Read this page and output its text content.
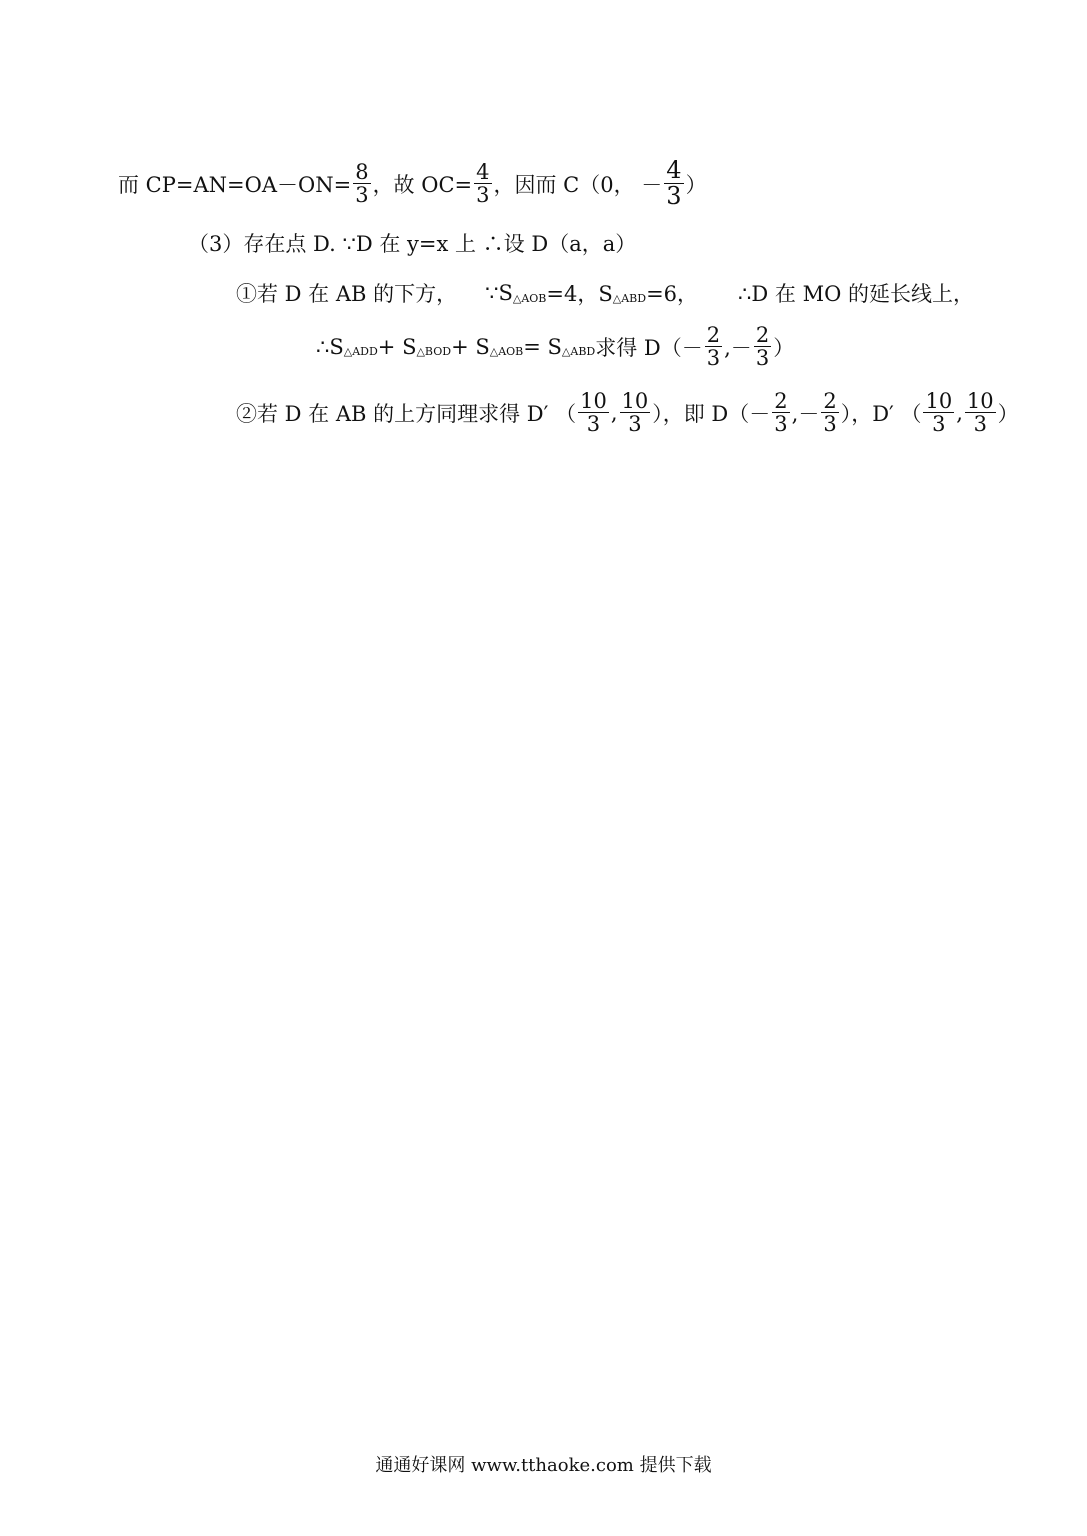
而 $CP=AN=OA-ON= \frac{8}{3}$ ，故 $OC= \frac{4}{3}$ ，因而 C（0， － $\frac{4}{3}$ ）
（3）存在点 D. ∵D 在 y=x 上 ∴设 D（a，a）
①若 D 在 AB 的下方， ∵S △AOB =4，S △ABD =6， ∴D 在 MO 的延长线上，
∴S △ADD + S △BOD + S △AOB = S △ABD 求得 $D(- \frac{2}{3}$ ,－ $\frac{2}{3}$ ）
②若 D 在 AB 的上方同理求得 D′ （ $\frac{10}{3}$ , $\frac{10}{3}$ ），即 $D(- \frac{2}{3}$ ,－ $\frac{2}{3}$ ），D′ （ $\frac{10}{3}$ , $\frac{10}{3}$ ）
通通好课网 www.tthaoke.com 提供下载
